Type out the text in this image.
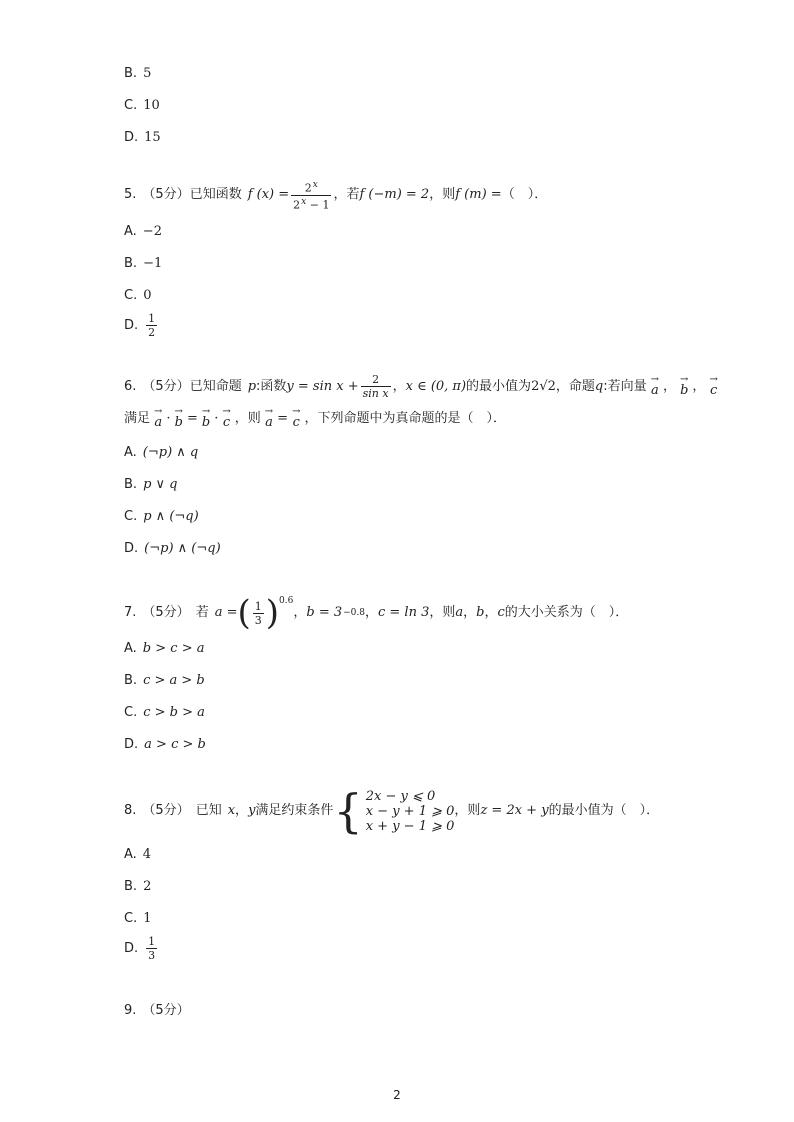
B. 5
C. 10
D. 15
5. （5分） 已知函数 f $(x) = \frac{2^x}{2^x - 1}$ ，若 f (−m) = 2 ，则 f (m) = （　）．
A. −2
B. −1
C. 0
D. $\frac{1}{2}$
6. （5分） 已知命题 p :函数 $y = \sin x + \frac{2}{\text{sin x}}$ ， x ∈ (0, π) 的最小值为 2√2 ，命题 q :若向量 →
a ， →
b ， →
c
满足 →
a · →
b = →
b · →
c ，则 →
a = →
c ，下列命题中为真命题的是（　）．
A. (¬p) ∧ q
B. p ∨ q
C. p ∧ (¬q)
D. (¬p) ∧ (¬q)
7. （5分） 若 a = ( $\frac{1}{3}$ ) 0.6
， b = 3 −0.8 ， c = ln 3 ，则 a ， b ， c 的大小关系为（　）．
A. b > c > a
B. c > a > b
C. c > b > a
D. a > c > b
8. （5分） 已知 x ， y 满足约束条件 { 2x − y ⩽ 0
x − y + 1 ⩾ 0
x + y − 1 ⩾ 0
，则 z = 2x + y 的最小值为（　）．
A. 4
B. 2
C. 1
D. $\frac{1}{3}$
9. （5分）
2
